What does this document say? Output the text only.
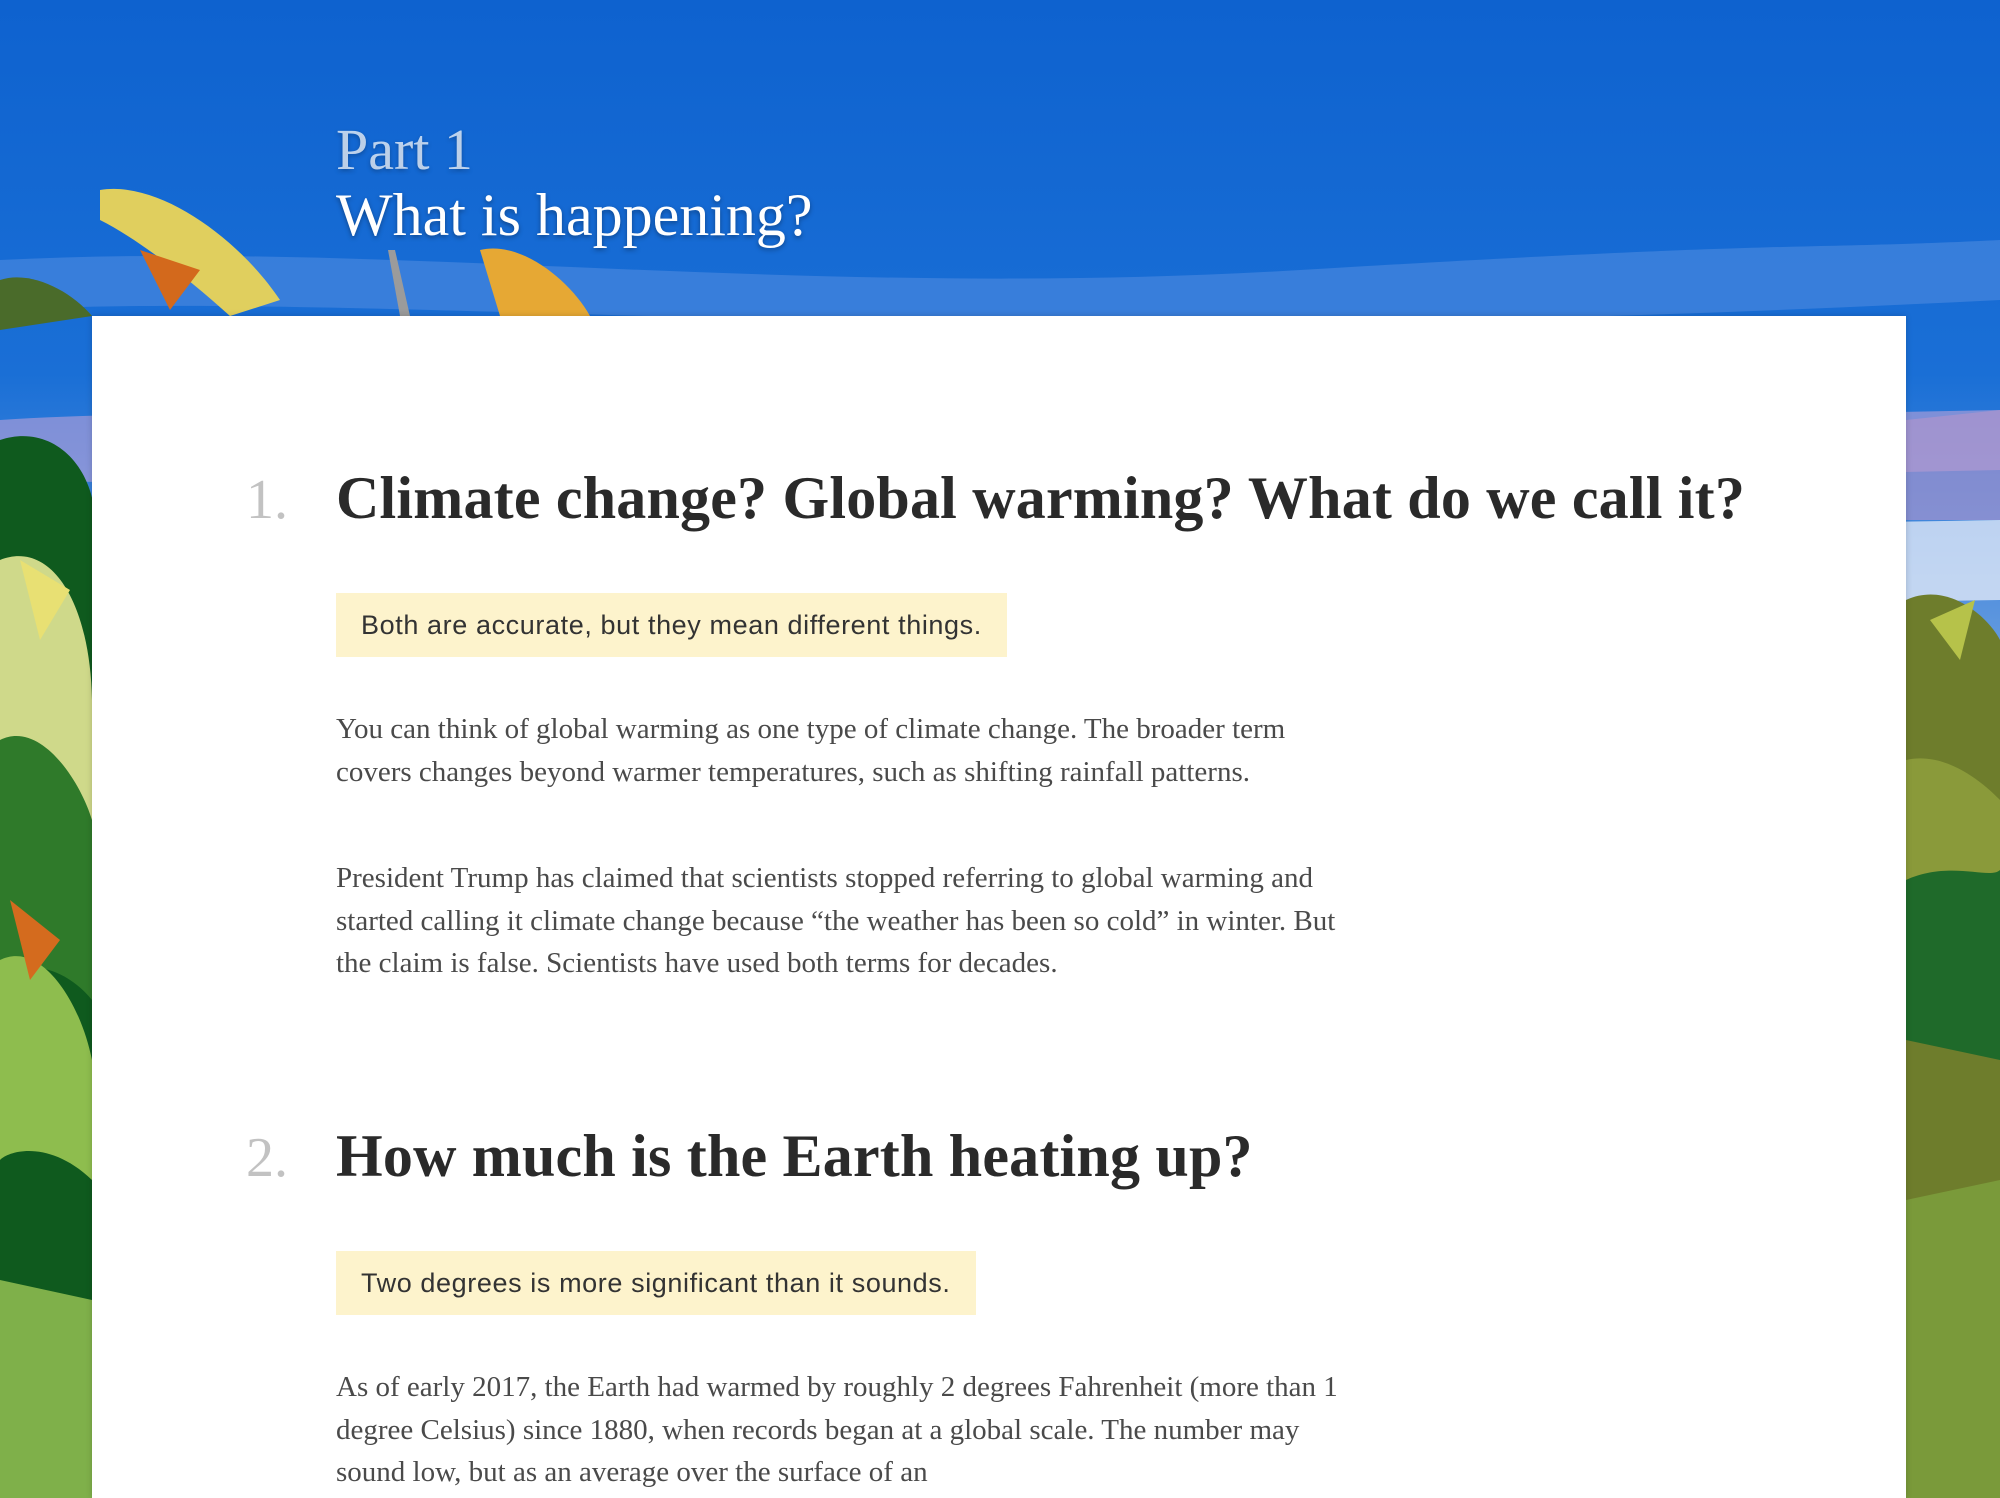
Part 1
What is happening?
1. Climate change? Global warming? What do we call it?
Both are accurate, but they mean different things.

You can think of global warming as one type of climate change. The broader term covers changes beyond warmer temperatures, such as shifting rainfall patterns.

President Trump has claimed that scientists stopped referring to global warming and started calling it climate change because “the weather has been so cold” in winter. But the claim is false. Scientists have used both terms for decades.

2. How much is the Earth heating up?
Two degrees is more significant than it sounds.

As of early 2017, the Earth had warmed by roughly 2 degrees Fahrenheit (more than 1 degree Celsius) since 1880, when records began at a global scale. The number may sound low, but as an average over the surface of an
